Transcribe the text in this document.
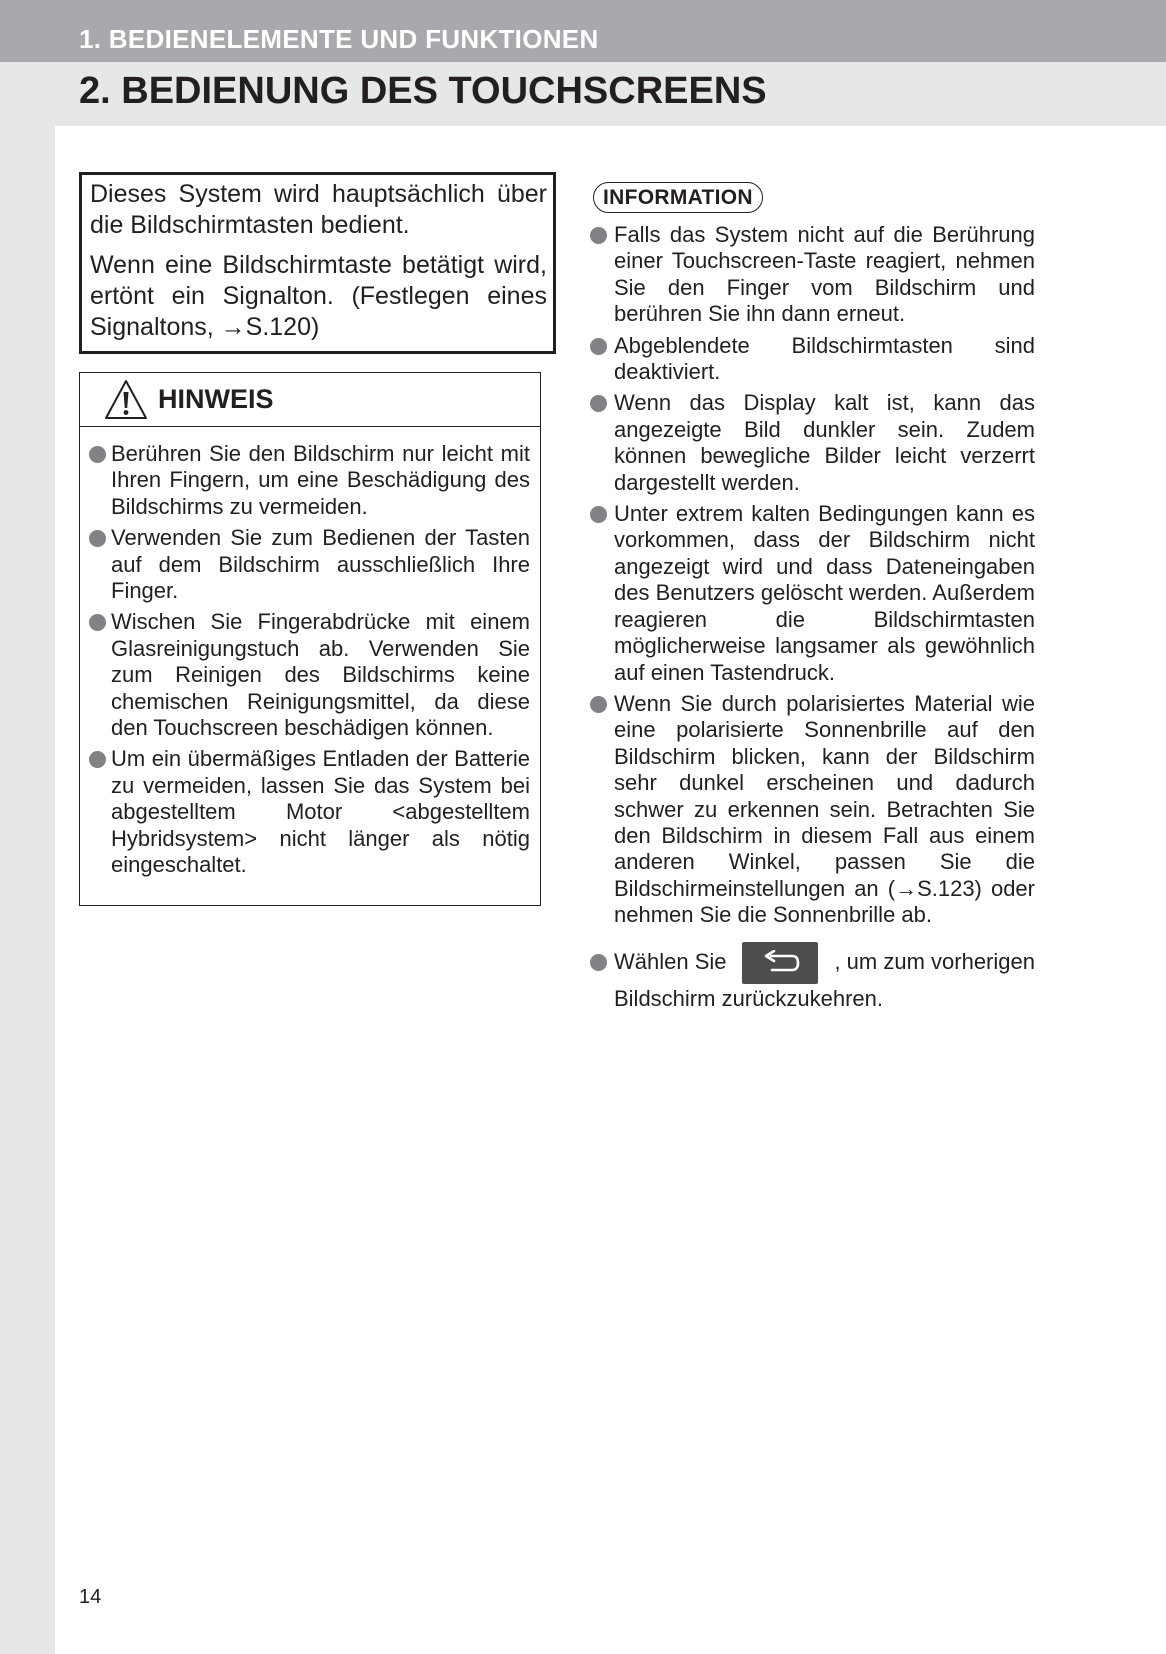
1. BEDIENELEMENTE UND FUNKTIONEN
2. BEDIENUNG DES TOUCHSCREENS

Dieses System wird hauptsächlich über die Bildschirmtasten bedient.

Wenn eine Bildschirmtaste betätigt wird, ertönt ein Signalton. (Festlegen eines Signaltons, →S.120)

HINWEIS
Berühren Sie den Bildschirm nur leicht mit Ihren Fingern, um eine Beschädigung des Bildschirms zu vermeiden.
Verwenden Sie zum Bedienen der Tasten auf dem Bildschirm ausschließlich Ihre Finger.
Wischen Sie Fingerabdrücke mit einem Glasreinigungstuch ab. Verwenden Sie zum Reinigen des Bildschirms keine chemischen Reinigungsmittel, da diese den Touchscreen beschädigen können.
Um ein übermäßiges Entladen der Batterie zu vermeiden, lassen Sie das System bei abgestelltem Motor <abgestelltem Hybridsystem> nicht länger als nötig eingeschaltet.
INFORMATION
Falls das System nicht auf die Berührung einer Touchscreen-Taste reagiert, nehmen Sie den Finger vom Bildschirm und berühren Sie ihn dann erneut.
Abgeblendete Bildschirmtasten sind deaktiviert.
Wenn das Display kalt ist, kann das angezeigte Bild dunkler sein. Zudem können bewegliche Bilder leicht verzerrt dargestellt werden.
Unter extrem kalten Bedingungen kann es vorkommen, dass der Bildschirm nicht angezeigt wird und dass Dateneingaben des Benutzers gelöscht werden. Außerdem reagieren die Bildschirmtasten möglicherweise langsamer als gewöhnlich auf einen Tastendruck.
Wenn Sie durch polarisiertes Material wie eine polarisierte Sonnenbrille auf den Bildschirm blicken, kann der Bildschirm sehr dunkel erscheinen und dadurch schwer zu erkennen sein. Betrachten Sie den Bildschirm in diesem Fall aus einem anderen Winkel, passen Sie die Bildschirmeinstellungen an (→S.123) oder nehmen Sie die Sonnenbrille ab.
Wählen Sie	, um zum vorherigen
Bildschirm zurückzukehren.
14
